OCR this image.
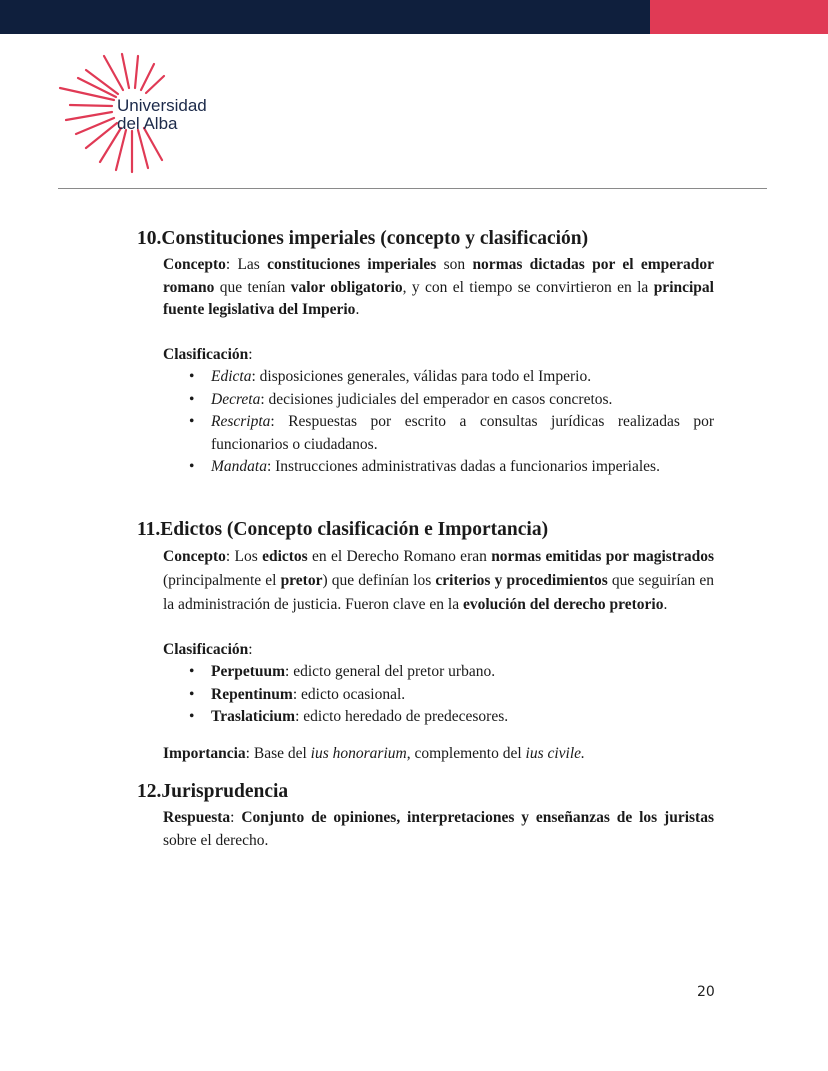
Universidad
del Alba
10.Constituciones imperiales (concepto y clasificación)

Concepto: Las constituciones imperiales son normas dictadas por el emperador romano que tenían valor obligatorio, y con el tiempo se convirtieron en la principal fuente legislativa del Imperio.

Clasificación:

• Edicta: disposiciones generales, válidas para todo el Imperio.
• Decreta: decisiones judiciales del emperador en casos concretos.
• Rescripta: Respuestas por escrito a consultas jurídicas realizadas por funcionarios o ciudadanos.
• Mandata: Instrucciones administrativas dadas a funcionarios imperiales.
11.Edictos (Concepto clasificación e Importancia)

Concepto: Los edictos en el Derecho Romano eran normas emitidas por magistrados (principalmente el pretor) que definían los criterios y procedimientos que seguirían en la administración de justicia. Fueron clave en la evolución del derecho pretorio.

Clasificación:

• Perpetuum: edicto general del pretor urbano.
• Repentinum: edicto ocasional.
• Traslaticium: edicto heredado de predecesores.

Importancia: Base del ius honorarium, complemento del ius civile.

12.Jurisprudencia

Respuesta: Conjunto de opiniones, interpretaciones y enseñanzas de los juristas sobre el derecho.

20
